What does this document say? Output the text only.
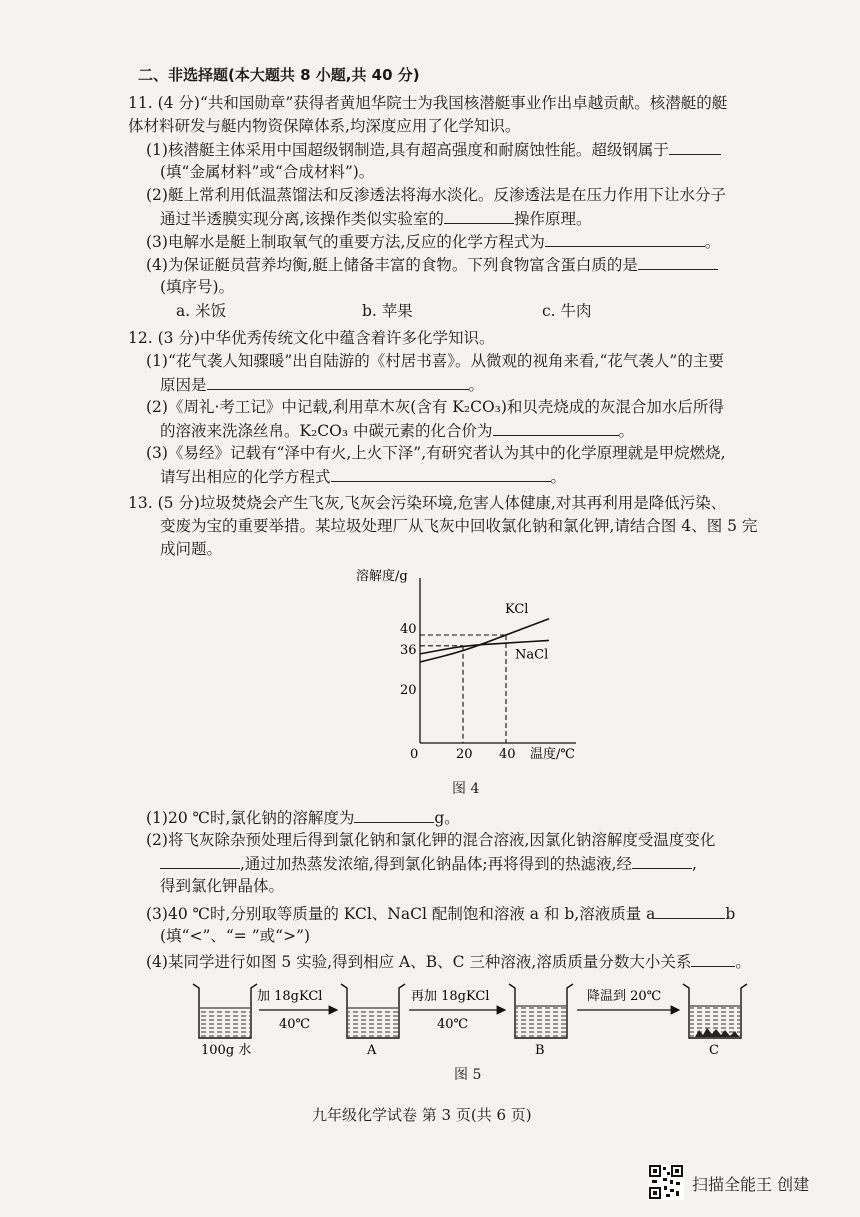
二、非选择题(本大题共 8 小题,共 40 分)
11. (4 分)“共和国勋章”获得者黄旭华院士为我国核潜艇事业作出卓越贡献。核潜艇的艇
体材料研发与艇内物资保障体系,均深度应用了化学知识。
(1)核潜艇主体采用中国超级钢制造,具有超高强度和耐腐蚀性能。超级钢属于
(填“金属材料”或“合成材料”)。
(2)艇上常利用低温蒸馏法和反渗透法将海水淡化。反渗透法是在压力作用下让水分子
通过半透膜实现分离,该操作类似实验室的	操作原理。
(3)电解水是艇上制取氧气的重要方法,反应的化学方程式为	。
(4)为保证艇员营养均衡,艇上储备丰富的食物。下列食物富含蛋白质的是
(填序号)。
a. 米饭	b. 苹果	c. 牛肉
12. (3 分)中华优秀传统文化中蕴含着许多化学知识。
(1)“花气袭人知骤暖”出自陆游的《村居书喜》。从微观的视角来看,“花气袭人”的主要
原因是	。
(2)《周礼·考工记》中记载,利用草木灰(含有 K₂CO₃)和贝壳烧成的灰混合加水后所得
的溶液来洗涤丝帛。K₂CO₃ 中碳元素的化合价为	。
(3)《易经》记载有“泽中有火,上火下泽”,有研究者认为其中的化学原理就是甲烷燃烧,
请写出相应的化学方程式	。
13. (5 分)垃圾焚烧会产生飞灰,飞灰会污染环境,危害人体健康,对其再利用是降低污染、
变废为宝的重要举措。某垃圾处理厂从飞灰中回收氯化钠和氯化钾,请结合图 4、图 5 完
成问题。
溶解度/g
温度/℃
0	20 40
20
36
40
KCl
NaCl
图 4
(1)20 ℃时,氯化钠的溶解度为	g。
(2)将飞灰除杂预处理后得到氯化钠和氯化钾的混合溶液,因氯化钠溶解度受温度变化
,通过加热蒸发浓缩,得到氯化钠晶体;再将得到的热滤液,经	,
得到氯化钾晶体。
(3)40 ℃时,分别取等质量的 KCl、NaCl 配制饱和溶液 a 和 b,溶液质量 a	b
(填“<”、“= ”或“>”)
(4)某同学进行如图 5 实验,得到相应 A、B、C 三种溶液,溶质质量分数大小关系	。
100g 水
加 18gKCl
40℃
A
再加 18gKCl
40℃
B
降温到 20℃
C
图 5
九年级化学试卷 第 3 页(共 6 页)
扫描全能王 创建
